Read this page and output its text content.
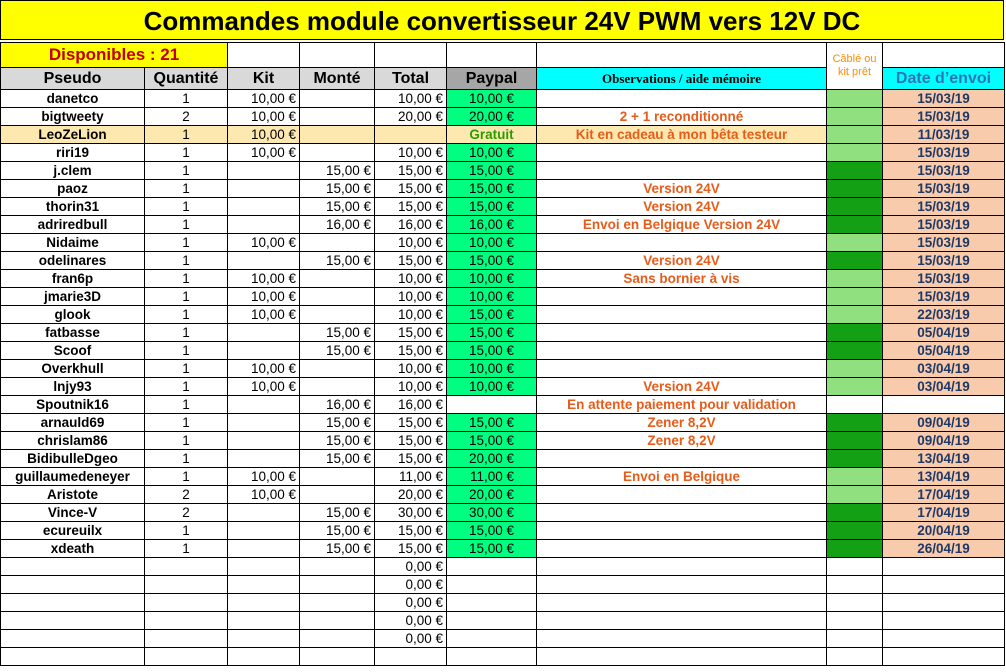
Commandes module convertisseur 24V PWM vers 12V DC
Disponibles : 21							Câblé ou kit prêt	
Pseudo	Quantité	Kit	Monté	Total	Paypal	Observations / aide mémoire		Date d’envoi
danetco	1	10,00 €		10,00 €	10,00 €			15/03/19
bigtweety	2	10,00 €		20,00 €	20,00 €	2 + 1 reconditionné		15/03/19
LeoZeLion	1	10,00 €			Gratuit	Kit en cadeau à mon bêta testeur		11/03/19
riri19	1	10,00 €		10,00 €	10,00 €			15/03/19
j.clem	1		15,00 €	15,00 €	15,00 €			15/03/19
paoz	1		15,00 €	15,00 €	15,00 €	Version 24V		15/03/19
thorin31	1		15,00 €	15,00 €	15,00 €	Version 24V		15/03/19
adriredbull	1		16,00 €	16,00 €	16,00 €	Envoi en Belgique Version 24V		15/03/19
Nidaime	1	10,00 €		10,00 €	10,00 €			15/03/19
odelinares	1		15,00 €	15,00 €	15,00 €	Version 24V		15/03/19
fran6p	1	10,00 €		10,00 €	10,00 €	Sans bornier à vis		15/03/19
jmarie3D	1	10,00 €		10,00 €	10,00 €			15/03/19
glook	1	10,00 €		10,00 €	15,00 €			22/03/19
fatbasse	1		15,00 €	15,00 €	15,00 €			05/04/19
Scoof	1		15,00 €	15,00 €	15,00 €			05/04/19
Overkhull	1	10,00 €		10,00 €	10,00 €			03/04/19
lnjy93	1	10,00 €		10,00 €	10,00 €	Version 24V		03/04/19
Spoutnik16	1		16,00 €	16,00 €		En attente paiement pour validation		
arnauld69	1		15,00 €	15,00 €	15,00 €	Zener 8,2V		09/04/19
chrislam86	1		15,00 €	15,00 €	15,00 €	Zener 8,2V		09/04/19
BidibulleDgeo	1		15,00 €	15,00 €	20,00 €			13/04/19
guillaumedeneyer	1	10,00 €		11,00 €	11,00 €	Envoi en Belgique		13/04/19
Aristote	2	10,00 €		20,00 €	20,00 €			17/04/19
Vince-V	2		15,00 €	30,00 €	30,00 €			17/04/19
ecureuilx	1		15,00 €	15,00 €	15,00 €			20/04/19
xdeath	1		15,00 €	15,00 €	15,00 €			26/04/19
				0,00 €				
				0,00 €				
				0,00 €				
				0,00 €				
				0,00 €				
